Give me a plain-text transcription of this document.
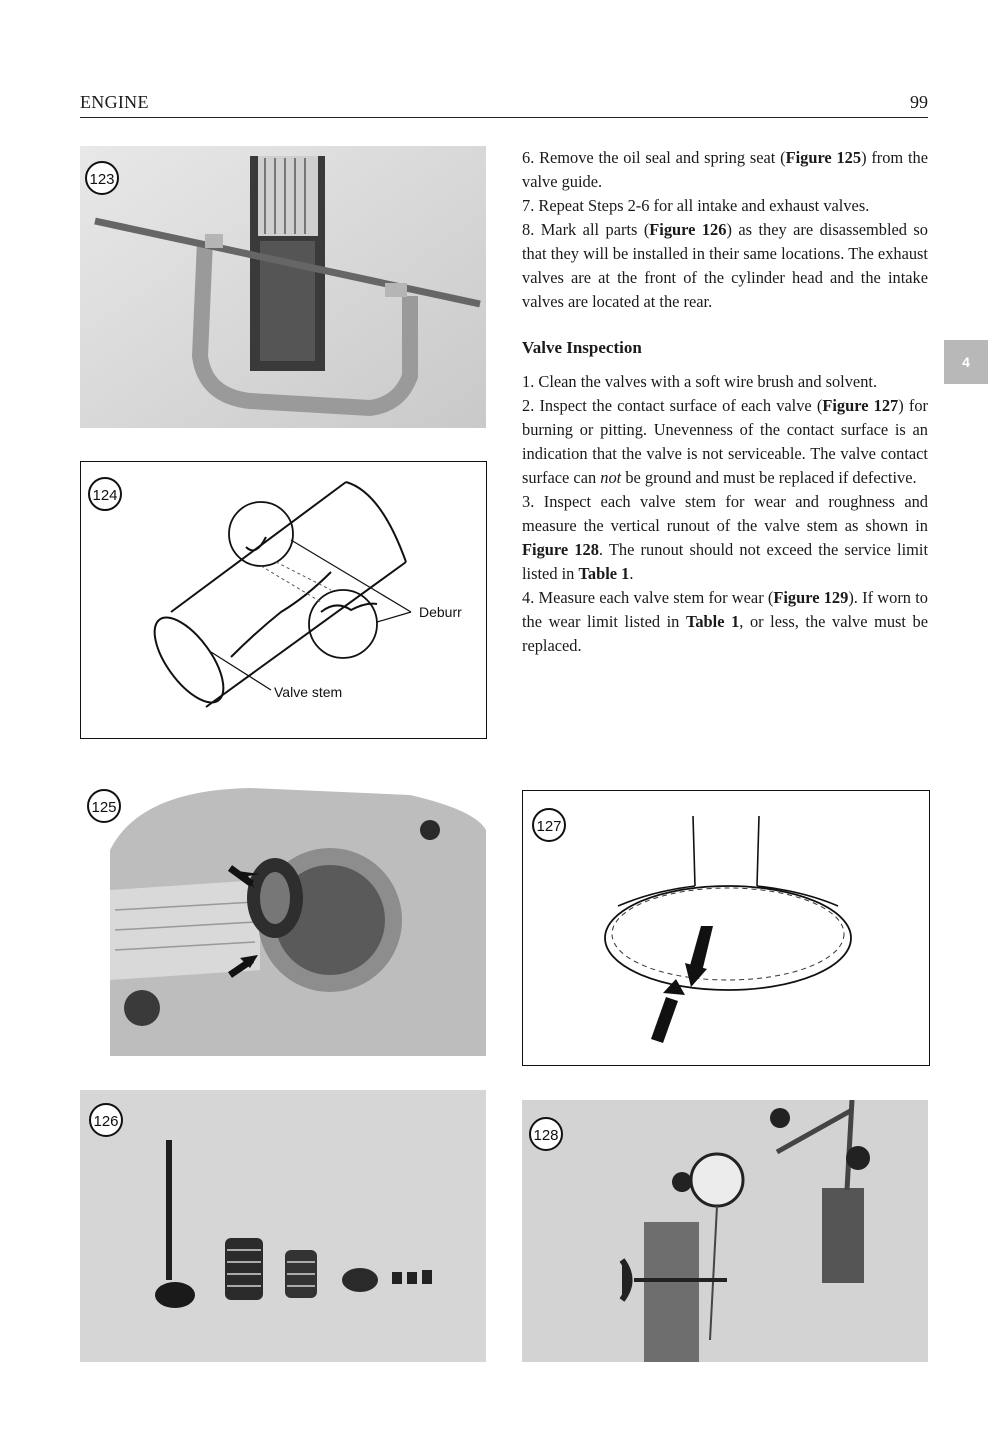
ENGINE	99
4
123
124
Deburr
Valve stem
125
126

6. Remove the oil seal and spring seat (Figure 125) from the valve guide.

7. Repeat Steps 2-6 for all intake and exhaust valves.

8. Mark all parts (Figure 126) as they are disassembled so that they will be installed in their same locations. The exhaust valves are at the front of the cylinder head and the intake valves are located at the rear.

Valve Inspection

1. Clean the valves with a soft wire brush and solvent.

2. Inspect the contact surface of each valve (Figure 127) for burning or pitting. Unevenness of the contact surface is an indication that the valve is not serviceable. The valve contact surface can not be ground and must be replaced if defective.

3. Inspect each valve stem for wear and roughness and measure the vertical runout of the valve stem as shown in Figure 128. The runout should not exceed the service limit listed in Table 1.

4. Measure each valve stem for wear (Figure 129). If worn to the wear limit listed in Table 1, or less, the valve must be replaced.

127
128
